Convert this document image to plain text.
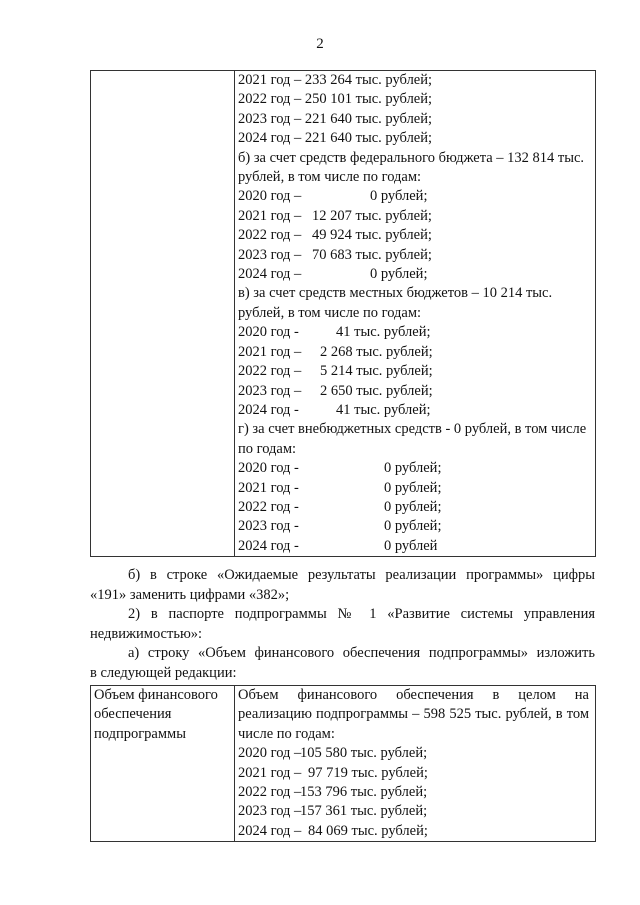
2

2021 год – 233 264 тыс. рублей;
2022 год – 250 101 тыс. рублей;
2023 год – 221 640 тыс. рублей;
2024 год – 221 640 тыс. рублей;
б) за счет средств федерального бюджета – 132 814 тыс. рублей, в том числе по годам:
2020 год –	0 рублей;
2021 год – 12 207 тыс. рублей;
2022 год – 49 924 тыс. рублей;
2023 год – 70 683 тыс. рублей;
2024 год –	0 рублей;
в) за счет средств местных бюджетов – 10 214 тыс. рублей, в том числе по годам:
2020 год -	41 тыс. рублей;
2021 год – 2 268 тыс. рублей;
2022 год – 5 214 тыс. рублей;
2023 год – 2 650 тыс. рублей;
2024 год -	41 тыс. рублей;
г) за счет внебюджетных средств - 0 рублей, в том числе по годам:
2020 год -	0 рублей;
2021 год -	0 рублей;
2022 год -	0 рублей;
2023 год -	0 рублей;
2024 год -	0 рублей
б) в строке «Ожидаемые результаты реализации программы» цифры
«191» заменить цифрами «382»;
2) в паспорте подпрограммы № 1 «Развитие системы управления
недвижимостью»:
а) строку «Объем финансового обеспечения подпрограммы» изложить
в следующей редакции:
Объем финансового обеспечения подпрограммы

Объем финансового обеспечения в целом на реализацию подпрограммы – 598 525 тыс. рублей, в том числе по годам:
2020 год –105 580 тыс. рублей;
2021 год – 97 719 тыс. рублей;
2022 год –153 796 тыс. рублей;
2023 год –157 361 тыс. рублей;
2024 год – 84 069 тыс. рублей;
